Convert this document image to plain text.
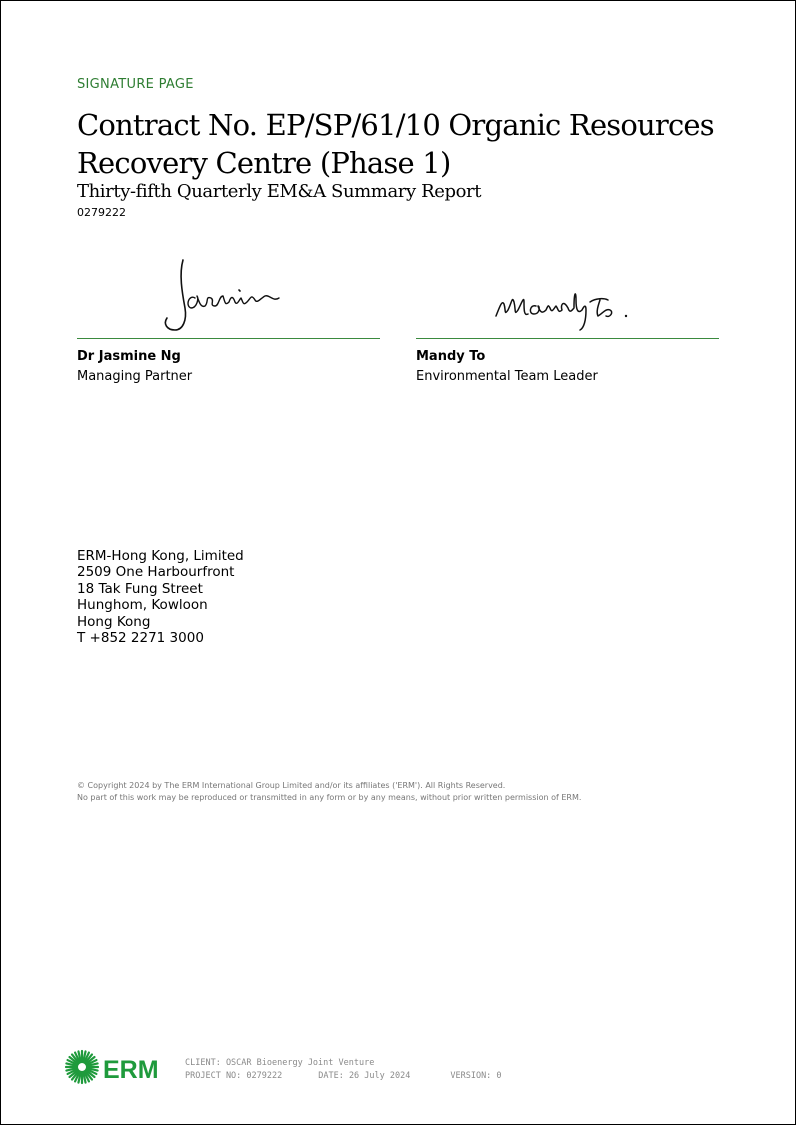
SIGNATURE PAGE
Contract No. EP/SP/61/10 Organic Resources Recovery Centre (Phase 1)
Thirty-fifth Quarterly EM&A Summary Report
0279222
Dr Jasmine Ng
Managing Partner
Mandy To
Environmental Team Leader
ERM-Hong Kong, Limited
2509 One Harbourfront
18 Tak Fung Street
Hunghom, Kowloon
Hong Kong
T +852 2271 3000
© Copyright 2024 by The ERM International Group Limited and/or its affiliates ('ERM'). All Rights Reserved.
No part of this work may be reproduced or transmitted in any form or by any means, without prior written permission of ERM.
ERM	CLIENT: OSCAR Bioenergy Joint Venture
PROJECT NO: 0279222	DATE: 26 July 2024	VERSION: 0
